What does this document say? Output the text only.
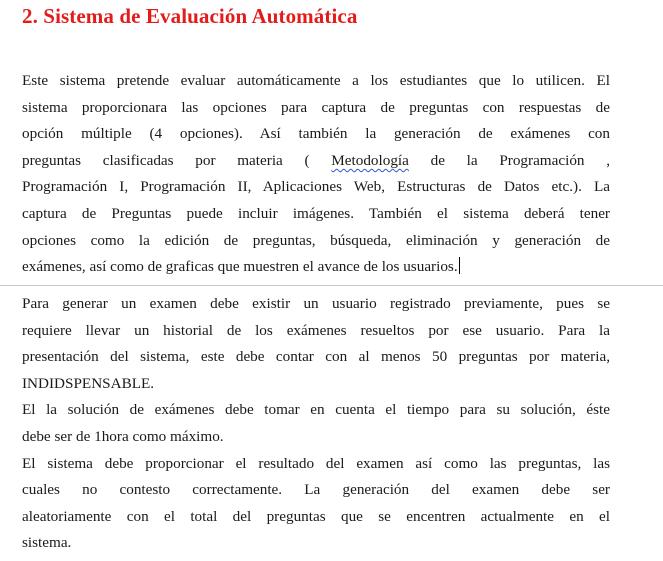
2. Sistema de Evaluación Automática
Este sistema pretende evaluar automáticamente a los estudiantes que lo utilicen. El
sistema proporcionara las opciones para captura de preguntas con respuestas de
opción múltiple (4 opciones). Así también la generación de exámenes con
preguntas clasificadas por materia ( Metodología de la Programación ,
Programación I, Programación II, Aplicaciones Web, Estructuras de Datos etc.). La
captura de Preguntas puede incluir imágenes. También el sistema deberá tener
opciones como la edición de preguntas, búsqueda, eliminación y generación de
exámenes, así como de graficas que muestren el avance de los usuarios.
Para generar un examen debe existir un usuario registrado previamente, pues se
requiere llevar un historial de los exámenes resueltos por ese usuario. Para la
presentación del sistema, este debe contar con al menos 50 preguntas por materia,
INDIDSPENSABLE.
El la solución de exámenes debe tomar en cuenta el tiempo para su solución, éste
debe ser de 1hora como máximo.
El sistema debe proporcionar el resultado del examen así como las preguntas, las
cuales no contesto correctamente. La generación del examen debe ser
aleatoriamente con el total del preguntas que se encentren actualmente en el
sistema.
